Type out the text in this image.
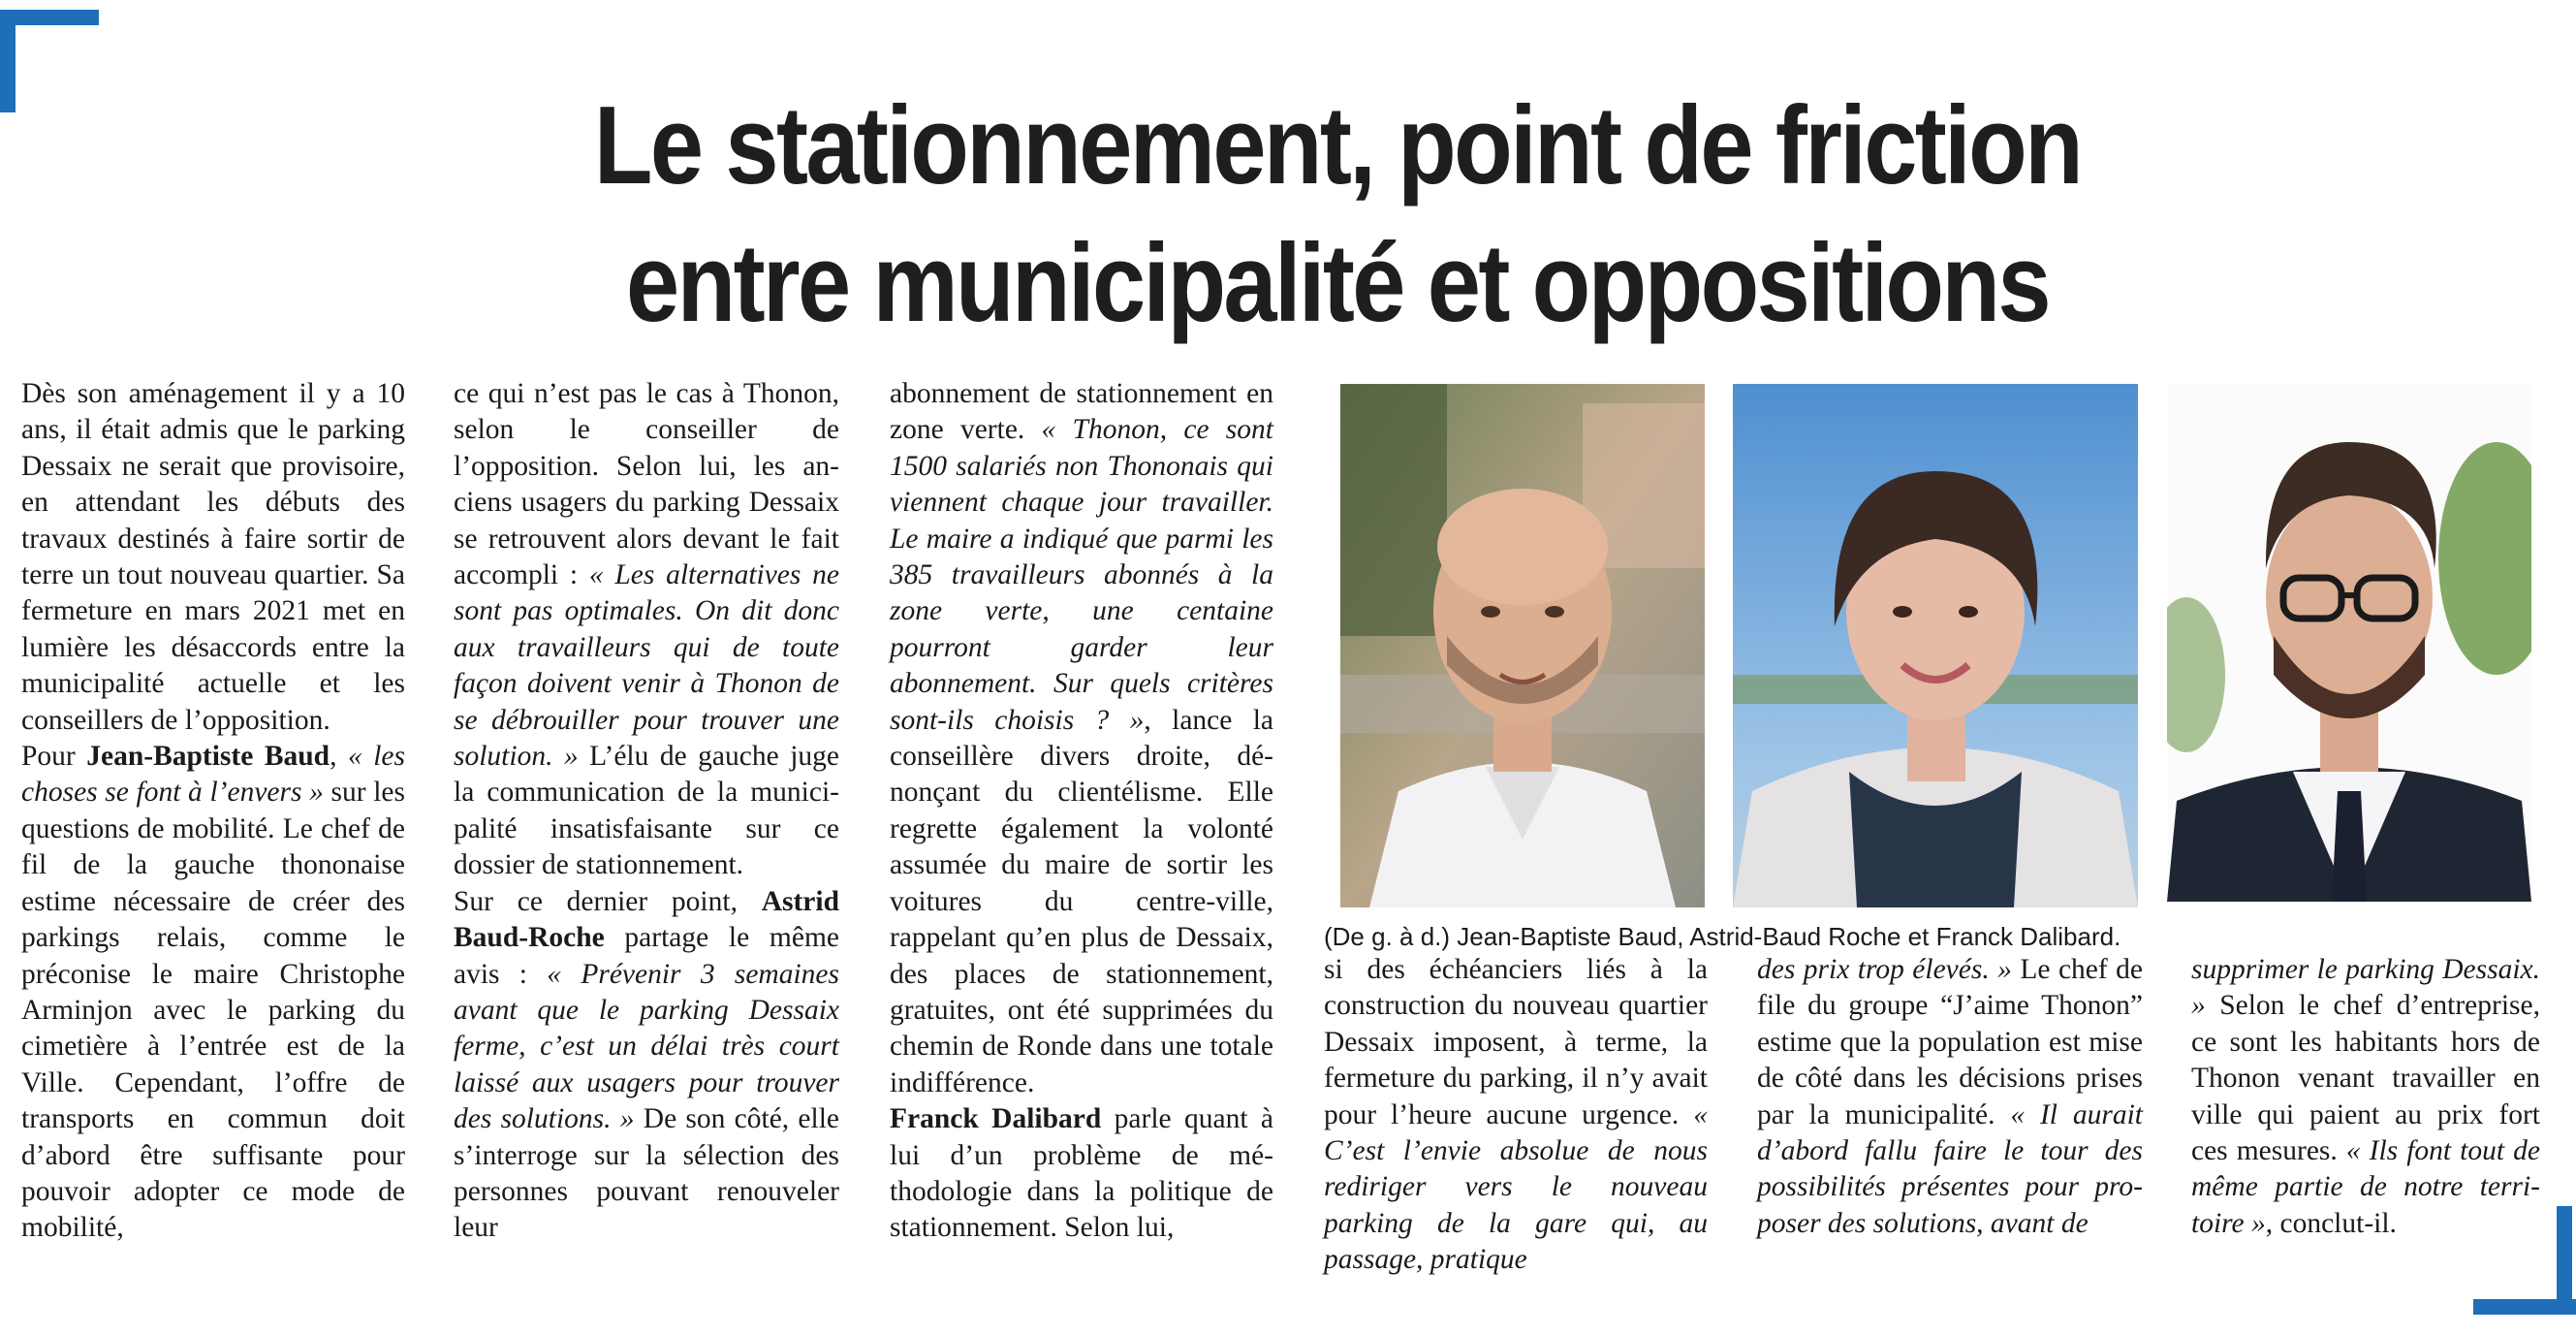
Le stationnement, point de friction
entre municipalité et oppositions

Dès son aménagement il y a 10 ans, il était admis que le parking Dessaix ne serait que provisoire, en attendant les débuts des travaux destinés à faire sortir de terre un tout nouveau quartier. Sa fermeture en mars 2021 met en lumière les désaccords entre la municipalité actuelle et les conseillers de l’opposition.

Pour Jean-Baptiste Baud, « les choses se font à l’envers » sur les questions de mobilité. Le chef de fil de la gauche thononaise estime nécessaire de créer des parkings relais, comme le préconise le maire Christophe Arminjon avec le parking du cimetière à l’entrée est de la Ville. Cependant, l’offre de transports en commun doit d’abord être suffisante pour pouvoir adopter ce mode de mobilité,

ce qui n’est pas le cas à Thonon, selon le conseiller de l’opposition. Selon lui, les anciens usagers du parking Dessaix se retrouvent alors devant le fait accompli : « Les alternatives ne sont pas optimales. On dit donc aux travailleurs qui de toute façon doivent venir à Thonon de se débrouiller pour trouver une solution. » L’élu de gauche juge la communication de la municipalité insatisfaisante sur ce dossier de stationnement.

Sur ce dernier point, Astrid Baud-Roche partage le même avis : « Prévenir 3 semaines avant que le parking Dessaix ferme, c’est un délai très court laissé aux usagers pour trouver des solutions. » De son côté, elle s’interroge sur la sélection des personnes pouvant renouveler leur

abonnement de stationnement en zone verte. « Thonon, ce sont 1500 salariés non Thononais qui viennent chaque jour travailler. Le maire a indiqué que parmi les 385 travailleurs abonnés à la zone verte, une centaine pourront garder leur abonnement. Sur quels critères sont-ils choisis ? », lance la conseillère divers droite, dénonçant du clientélisme. Elle regrette également la volonté assumée du maire de sortir les voitures du centre-ville, rappelant qu’en plus de Dessaix, des places de stationnement, gratuites, ont été supprimées du chemin de Ronde dans une totale indifférence.

Franck Dalibard parle quant à lui d’un problème de méthodologie dans la politique de stationnement. Selon lui,

(De g. à d.) Jean-Baptiste Baud, Astrid-Baud Roche et Franck Dalibard.

si des échéanciers liés à la construction du nouveau quartier Dessaix imposent, à terme, la fermeture du parking, il n’y avait pour l’heure aucune urgence. « C’est l’envie absolue de nous rediriger vers le nouveau parking de la gare qui, au passage, pratique

des prix trop élevés. » Le chef de file du groupe “J’aime Thonon” estime que la population est mise de côté dans les décisions prises par la municipalité. « Il aurait d’abord fallu faire le tour des possibilités présentes pour proposer des solutions, avant de

supprimer le parking Dessaix. » Selon le chef d’entreprise, ce sont les habitants hors de Thonon venant travailler en ville qui paient au prix fort ces mesures. « Ils font tout de même partie de notre territoire », conclut-il.
